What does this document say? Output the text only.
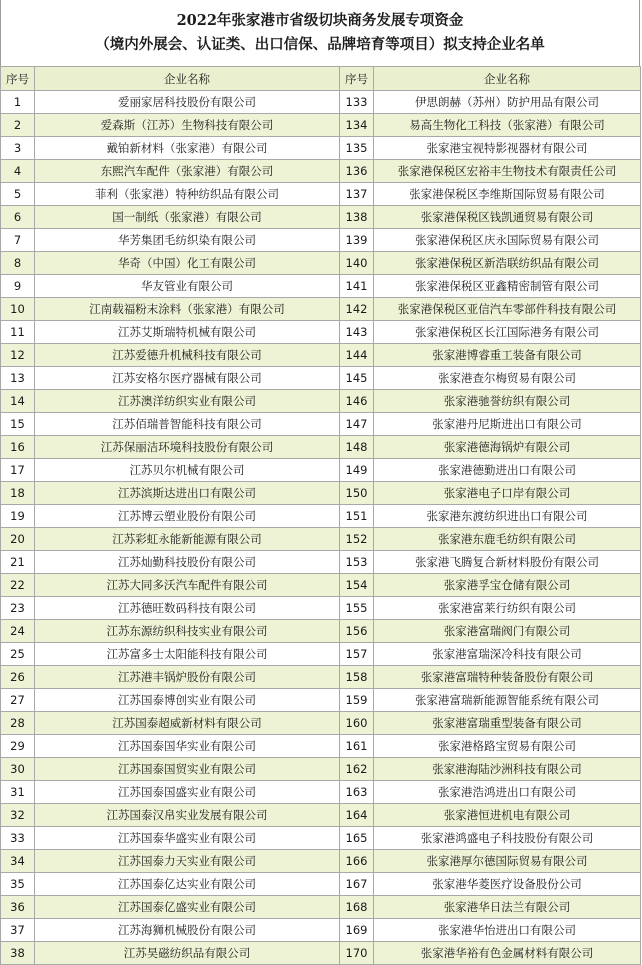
2022年张家港市省级切块商务发展专项资金
（境内外展会、认证类、出口信保、品牌培育等项目）拟支持企业名单
序号	企业名称	序号	企业名称
1	爱丽家居科技股份有限公司	133	伊思朗赫（苏州）防护用品有限公司
2	爱森斯（江苏）生物科技有限公司	134	易高生物化工科技（张家港）有限公司
3	戴铂新材料（张家港）有限公司	135	张家港宝视特影视器材有限公司
4	东熙汽车配件（张家港）有限公司	136	张家港保税区宏裕丰生物技术有限责任公司
5	菲利（张家港）特种纺织品有限公司	137	张家港保税区李维斯国际贸易有限公司
6	国一制纸（张家港）有限公司	138	张家港保税区钱凯通贸易有限公司
7	华芳集团毛纺织染有限公司	139	张家港保税区庆永国际贸易有限公司
8	华奇（中国）化工有限公司	140	张家港保税区新浩联纺织品有限公司
9	华友管业有限公司	141	张家港保税区亚鑫精密制管有限公司
10	江南载福粉末涂料（张家港）有限公司	142	张家港保税区亚信汽车零部件科技有限公司
11	江苏艾斯瑞特机械有限公司	143	张家港保税区长江国际港务有限公司
12	江苏爱德升机械科技有限公司	144	张家港博睿重工装备有限公司
13	江苏安格尔医疗器械有限公司	145	张家港查尔梅贸易有限公司
14	江苏澳洋纺织实业有限公司	146	张家港驰誉纺织有限公司
15	江苏佰瑞普智能科技有限公司	147	张家港丹尼斯进出口有限公司
16	江苏保丽洁环境科技股份有限公司	148	张家港德海锅炉有限公司
17	江苏贝尔机械有限公司	149	张家港德勤进出口有限公司
18	江苏滨斯达进出口有限公司	150	张家港电子口岸有限公司
19	江苏博云塑业股份有限公司	151	张家港东渡纺织进出口有限公司
20	江苏彩虹永能新能源有限公司	152	张家港东鹿毛纺织有限公司
21	江苏灿勤科技股份有限公司	153	张家港飞腾复合新材料股份有限公司
22	江苏大同多沃汽车配件有限公司	154	张家港孚宝仓储有限公司
23	江苏德旺数码科技有限公司	155	张家港富莱行纺织有限公司
24	江苏东源纺织科技实业有限公司	156	张家港富瑞阀门有限公司
25	江苏富多士太阳能科技有限公司	157	张家港富瑞深冷科技有限公司
26	江苏港丰锅炉股份有限公司	158	张家港富瑞特种装备股份有限公司
27	江苏国泰博创实业有限公司	159	张家港富瑞新能源智能系统有限公司
28	江苏国泰超威新材料有限公司	160	张家港富瑞重型装备有限公司
29	江苏国泰国华实业有限公司	161	张家港格路宝贸易有限公司
30	江苏国泰国贸实业有限公司	162	张家港海陆沙洲科技有限公司
31	江苏国泰国盛实业有限公司	163	张家港浩鸿进出口有限公司
32	江苏国泰汉帛实业发展有限公司	164	张家港恒进机电有限公司
33	江苏国泰华盛实业有限公司	165	张家港鸿盛电子科技股份有限公司
34	江苏国泰力天实业有限公司	166	张家港厚尔德国际贸易有限公司
35	江苏国泰亿达实业有限公司	167	张家港华菱医疗设备股份公司
36	江苏国泰亿盛实业有限公司	168	张家港华日法兰有限公司
37	江苏海狮机械股份有限公司	169	张家港华怡进出口有限公司
38	江苏昊磁纺织品有限公司	170	张家港华裕有色金属材料有限公司
